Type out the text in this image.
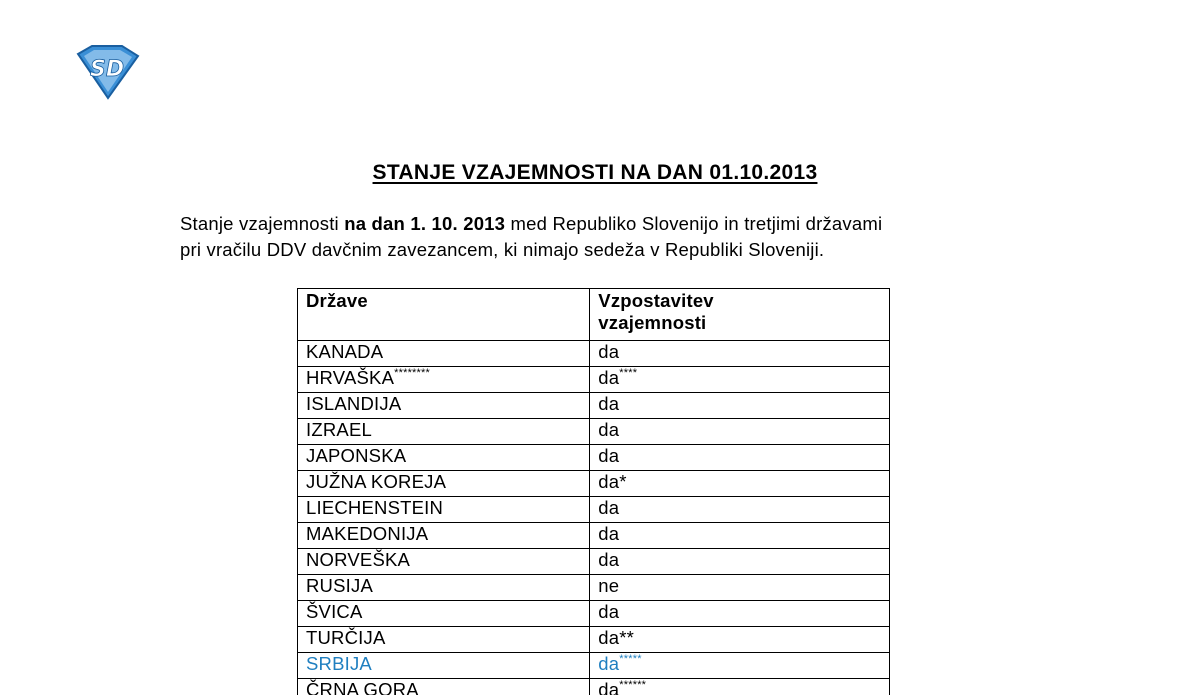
SD
STANJE VZAJEMNOSTI NA DAN 01.10.2013
Stanje vzajemnosti na dan 1. 10. 2013 med Republiko Slovenijo in tretjimi državami
pri vračilu DDV davčnim zavezancem, ki nimajo sedeža v Republiki Sloveniji.
Države	Vzpostavitev
vzajemnosti
KANADA	da
HRVAŠKA********	da****
ISLANDIJA	da
IZRAEL	da
JAPONSKA	da
JUŽNA KOREJA	da*
LIECHENSTEIN	da
MAKEDONIJA	da
NORVEŠKA	da
RUSIJA	ne
ŠVICA	da
TURČIJA	da**
SRBIJA	da*****
ČRNA GORA	da******
